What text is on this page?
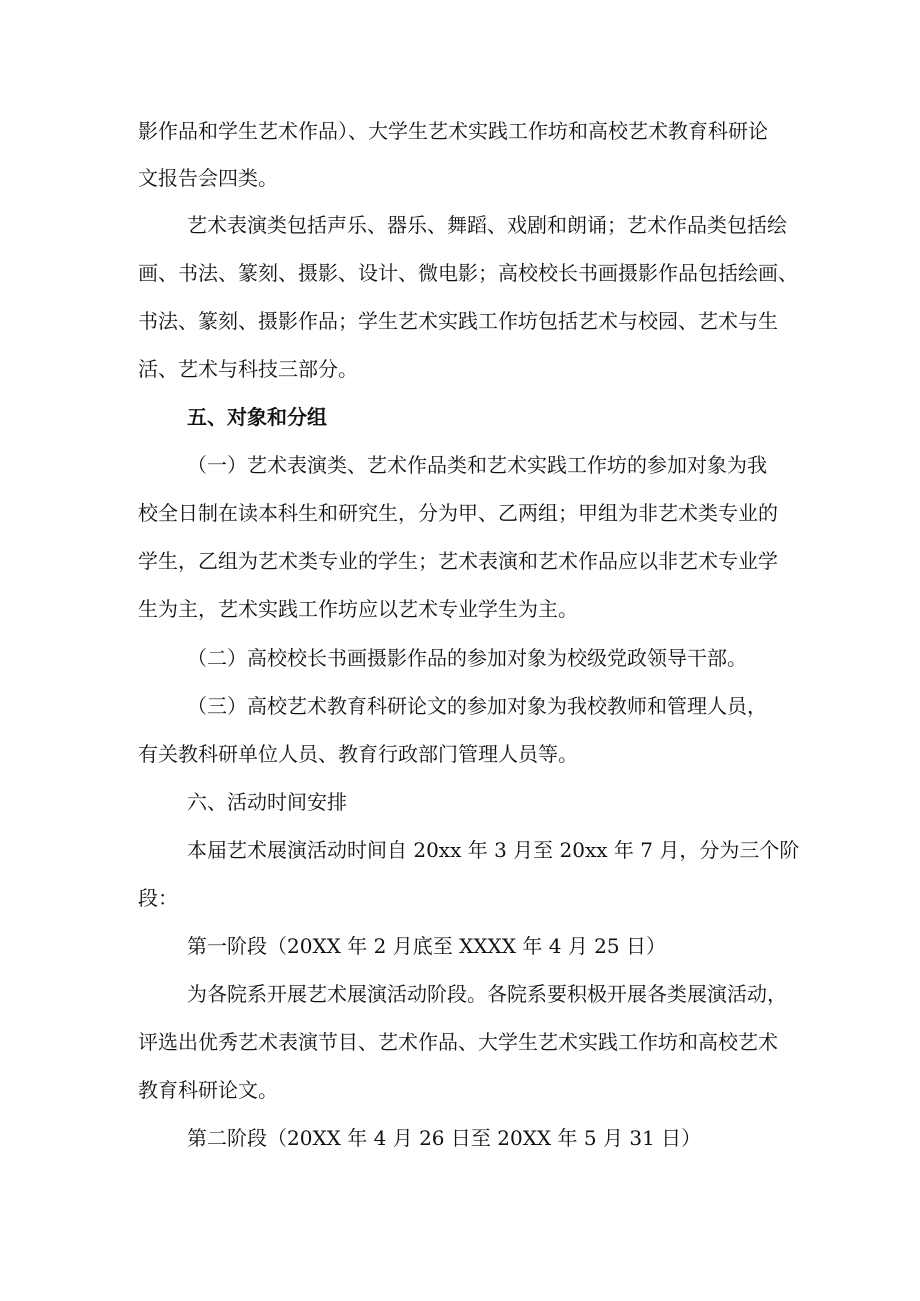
影作品和学生艺术作品）、大学生艺术实践工作坊和高校艺术教育科研论
文报告会四类。
艺术表演类包括声乐、器乐、舞蹈、戏剧和朗诵；艺术作品类包括绘
画、书法、篆刻、摄影、设计、微电影；高校校长书画摄影作品包括绘画、
书法、篆刻、摄影作品；学生艺术实践工作坊包括艺术与校园、艺术与生
活、艺术与科技三部分。
五、对象和分组
（一）艺术表演类、艺术作品类和艺术实践工作坊的参加对象为我
校全日制在读本科生和研究生，分为甲、乙两组；甲组为非艺术类专业的
学生，乙组为艺术类专业的学生；艺术表演和艺术作品应以非艺术专业学
生为主，艺术实践工作坊应以艺术专业学生为主。
（二）高校校长书画摄影作品的参加对象为校级党政领导干部。
（三）高校艺术教育科研论文的参加对象为我校教师和管理人员，
有关教科研单位人员、教育行政部门管理人员等。
六、活动时间安排
本届艺术展演活动时间自 20xx 年 3 月至 20xx 年 7 月，分为三个阶
段：
第一阶段（20XX 年 2 月底至 XXXX 年 4 月 25 日）
为各院系开展艺术展演活动阶段。各院系要积极开展各类展演活动，
评选出优秀艺术表演节目、艺术作品、大学生艺术实践工作坊和高校艺术
教育科研论文。
第二阶段（20XX 年 4 月 26 日至 20XX 年 5 月 31 日）
